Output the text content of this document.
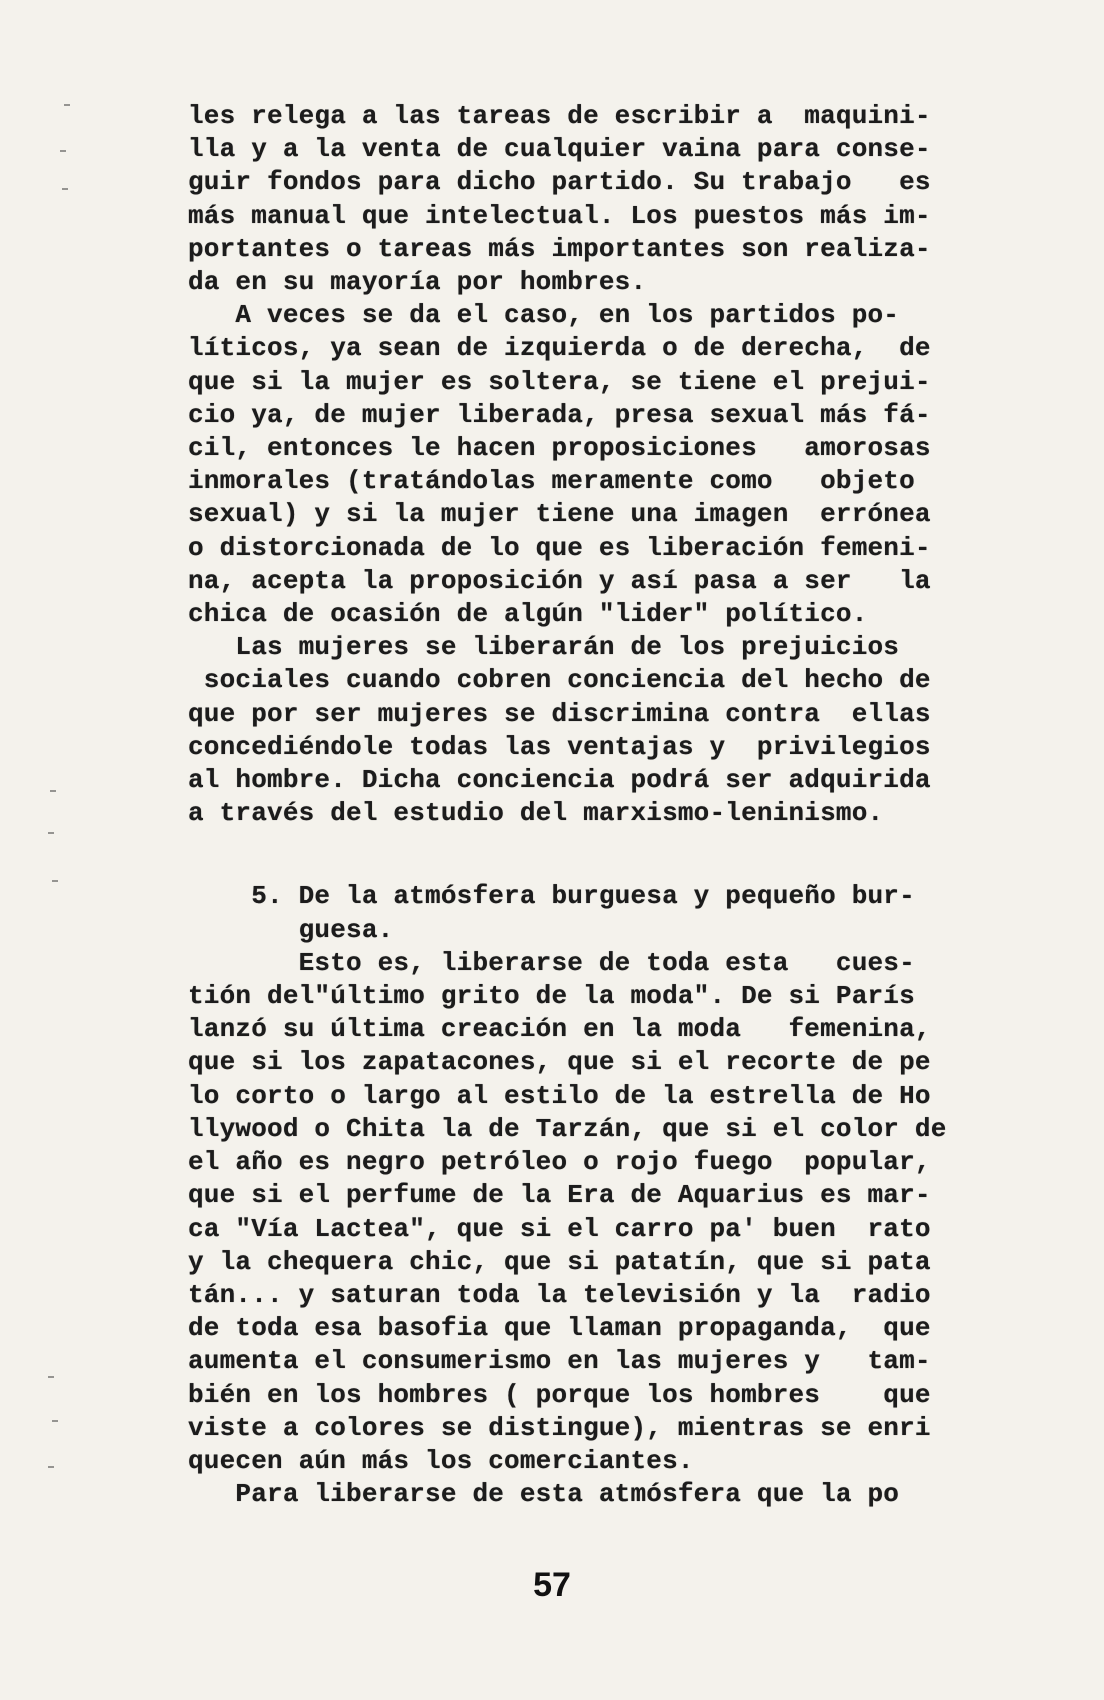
les relega a las tareas de escribir a  maquini-
lla y a la venta de cualquier vaina para conse-
guir fondos para dicho partido. Su trabajo   es
más manual que intelectual. Los puestos más im-
portantes o tareas más importantes son realiza-
da en su mayoría por hombres.
A veces se da el caso, en los partidos po-
líticos, ya sean de izquierda o de derecha,  de
que si la mujer es soltera, se tiene el prejui-
cio ya, de mujer liberada, presa sexual más fá-
cil, entonces le hacen proposiciones   amorosas
inmorales (tratándolas meramente como   objeto
sexual) y si la mujer tiene una imagen  errónea
o distorcionada de lo que es liberación femeni-
na, acepta la proposición y así pasa a ser   la
chica de ocasión de algún "lider" político.
Las mujeres se liberarán de los prejuicios
sociales cuando cobren conciencia del hecho de
que por ser mujeres se discrimina contra  ellas
concediéndole todas las ventajas y  privilegios
al hombre. Dicha conciencia podrá ser adquirida
a través del estudio del marxismo-leninismo.
5. De la atmósfera burguesa y pequeño bur-
guesa.
Esto es, liberarse de toda esta   cues-
tión del"último grito de la moda". De si París
lanzó su última creación en la moda   femenina,
que si los zapatacones, que si el recorte de pe
lo corto o largo al estilo de la estrella de Ho
llywood o Chita la de Tarzán, que si el color de
el año es negro petróleo o rojo fuego  popular,
que si el perfume de la Era de Aquarius es mar-
ca "Vía Lactea", que si el carro pa' buen  rato
y la chequera chic, que si patatín, que si pata
tán... y saturan toda la televisión y la  radio
de toda esa basofia que llaman propaganda,  que
aumenta el consumerismo en las mujeres y   tam-
bién en los hombres ( porque los hombres    que
viste a colores se distingue), mientras se enri
quecen aún más los comerciantes.
Para liberarse de esta atmósfera que la po
57
